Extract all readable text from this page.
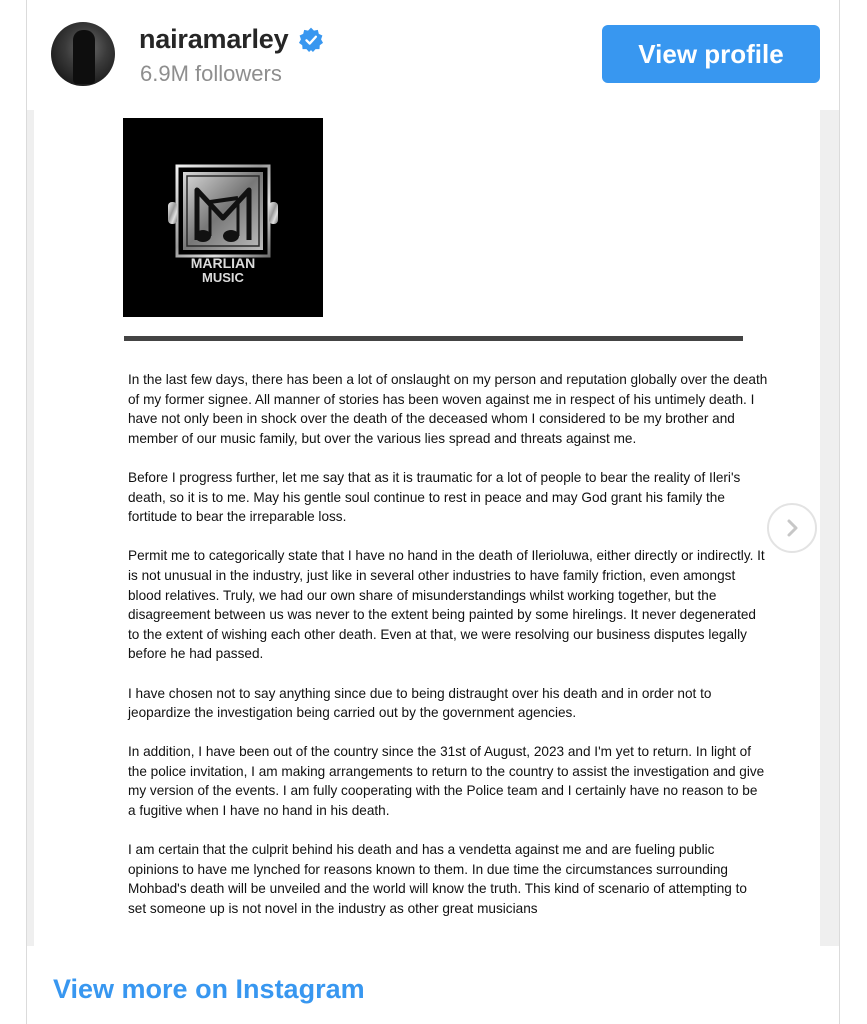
nairamarley
6.9M followers
View profile
MARLIAN
MUSIC

In the last few days, there has been a lot of onslaught on my person and reputation globally over the death of my former signee. All manner of stories has been woven against me in respect of his untimely death. I have not only been in shock over the death of the deceased whom I considered to be my brother and member of our music family, but over the various lies spread and threats against me.

Before I progress further, let me say that as it is traumatic for a lot of people to bear the reality of Ileri's death, so it is to me. May his gentle soul continue to rest in peace and may God grant his family the fortitude to bear the irreparable loss.

Permit me to categorically state that I have no hand in the death of Ilerioluwa, either directly or indirectly. It is not unusual in the industry, just like in several other industries to have family friction, even amongst blood relatives. Truly, we had our own share of misunderstandings whilst working together, but the disagreement between us was never to the extent being painted by some hirelings. It never degenerated to the extent of wishing each other death. Even at that, we were resolving our business disputes legally before he had passed.

I have chosen not to say anything since due to being distraught over his death and in order not to jeopardize the investigation being carried out by the government agencies.

In addition, I have been out of the country since the 31st of August, 2023 and I'm yet to return. In light of the police invitation, I am making arrangements to return to the country to assist the investigation and give my version of the events. I am fully cooperating with the Police team and I certainly have no reason to be a fugitive when I have no hand in his death.

I am certain that the culprit behind his death and has a vendetta against me and are fueling public opinions to have me lynched for reasons known to them. In due time the circumstances surrounding Mohbad's death will be unveiled and the world will know the truth. This kind of scenario of attempting to set someone up is not novel in the industry as other great musicians

View more on Instagram
